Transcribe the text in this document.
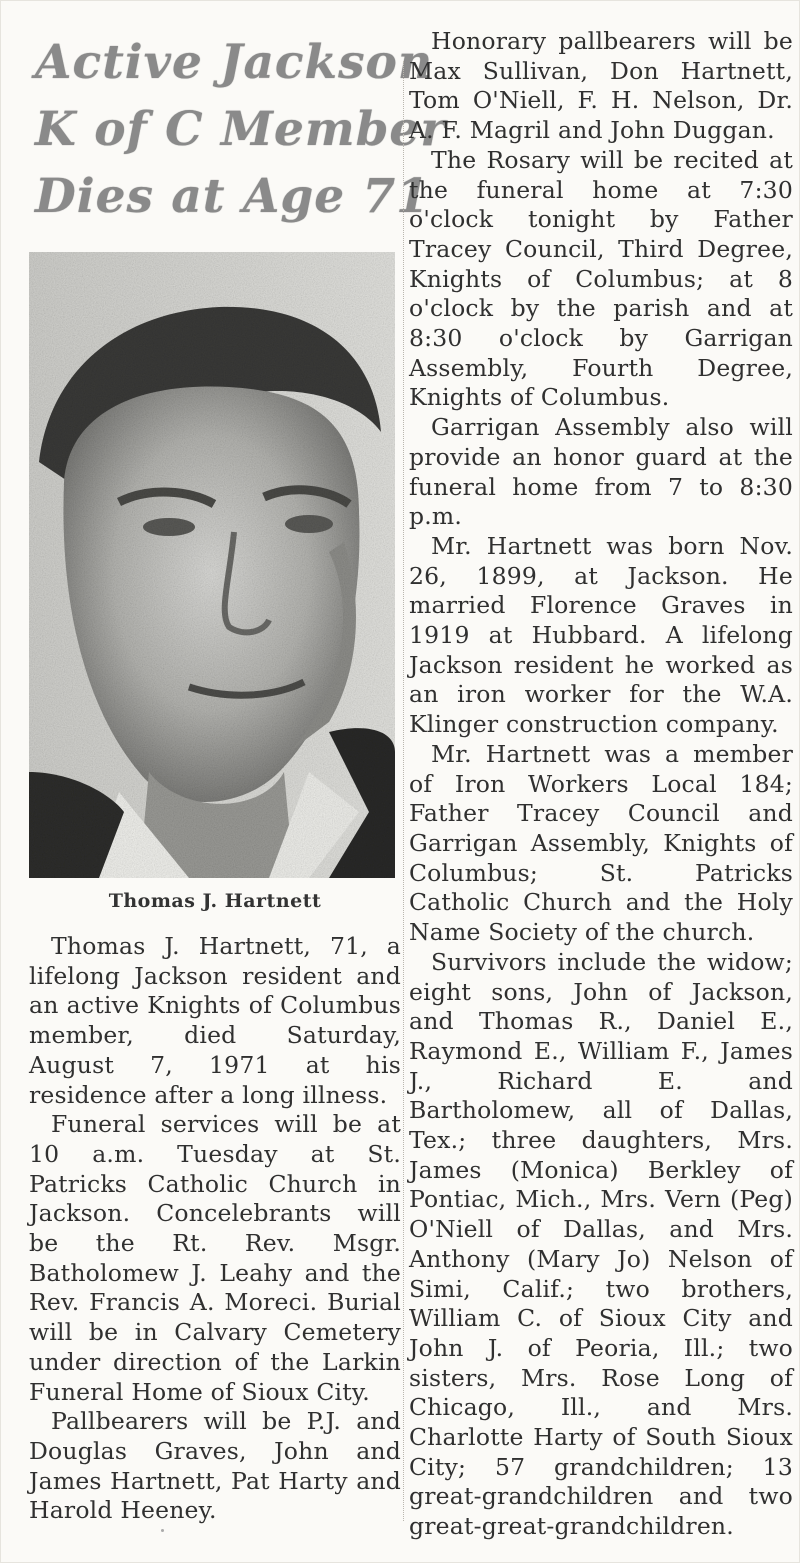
Active Jackson
K of C Member
Dies at Age 71
Thomas J. Hartnett

Thomas J. Hartnett, 71, a lifelong Jackson resident and an active Knights of Columbus member, died Saturday, August 7, 1971 at his residence after a long illness.

Funeral services will be at 10 a.m. Tuesday at St. Patricks Catholic Church in Jackson. Concelebrants will be the Rt. Rev. Msgr. Batholomew J. Leahy and the Rev. Francis A. Moreci. Burial will be in Calvary Cemetery under direction of the Larkin Funeral Home of Sioux City.

Pallbearers will be P.J. and Douglas Graves, John and James Hartnett, Pat Harty and Harold Heeney.

Honorary pallbearers will be Max Sullivan, Don Hartnett, Tom O'Niell, F. H. Nelson, Dr. A. F. Magril and John Duggan.

The Rosary will be recited at the funeral home at 7:30 o'clock tonight by Father Tracey Council, Third Degree, Knights of Columbus; at 8 o'clock by the parish and at 8:30 o'clock by Garrigan Assembly, Fourth Degree, Knights of Columbus.

Garrigan Assembly also will provide an honor guard at the funeral home from 7 to 8:30 p.m.

Mr. Hartnett was born Nov. 26, 1899, at Jackson. He married Florence Graves in 1919 at Hubbard. A lifelong Jackson resident he worked as an iron worker for the W.A. Klinger construction company.

Mr. Hartnett was a member of Iron Workers Local 184; Father Tracey Council and Garrigan Assembly, Knights of Columbus; St. Patricks Catholic Church and the Holy Name Society of the church.

Survivors include the widow; eight sons, John of Jackson, and Thomas R., Daniel E., Raymond E., William F., James J., Richard E. and Bartholomew, all of Dallas, Tex.; three daughters, Mrs. James (Monica) Berkley of Pontiac, Mich., Mrs. Vern (Peg) O'Niell of Dallas, and Mrs. Anthony (Mary Jo) Nelson of Simi, Calif.; two brothers, William C. of Sioux City and John J. of Peoria, Ill.; two sisters, Mrs. Rose Long of Chicago, Ill., and Mrs. Charlotte Harty of South Sioux City; 57 grandchildren; 13 great-grandchildren and two great-great-grandchildren.
